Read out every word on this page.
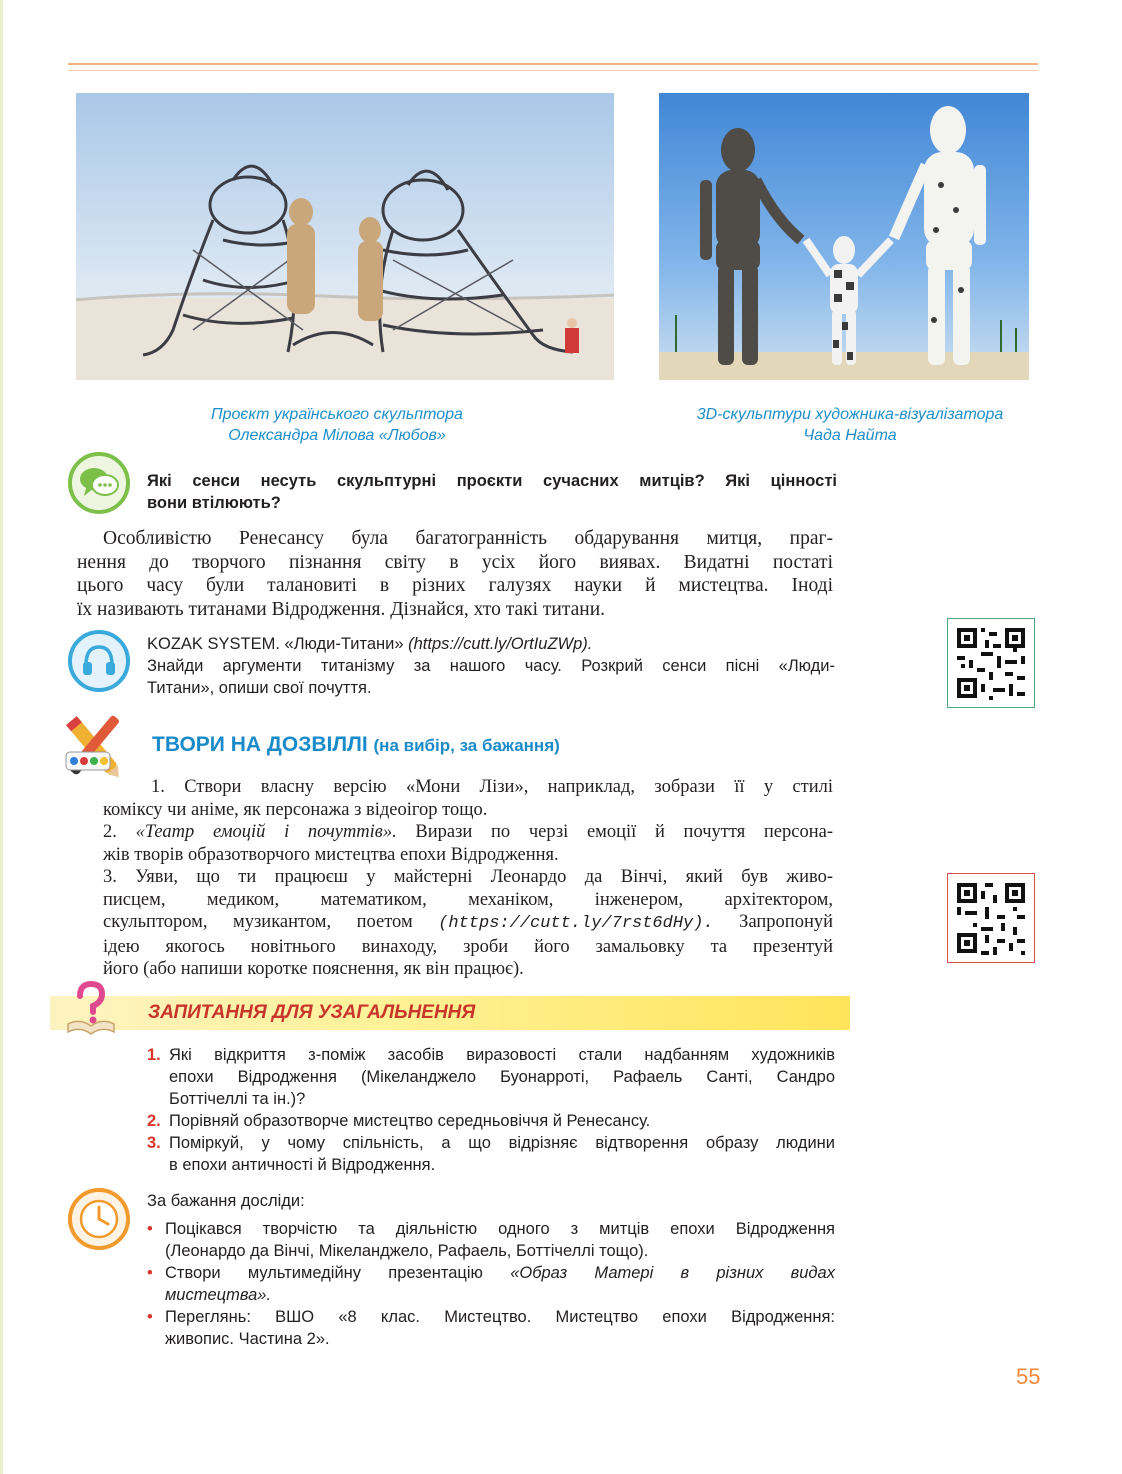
Проєкт українського скульптора
Олександра Мілова «Любов»
3D-скульптури художника-візуалізатора
Чада Найта
Які сенси несуть скульптурні проєкти сучасних митців? Які цінності
вони втілюють?
Особливістю Ренесансу була багатогранність обдарування митця, праг-
нення до творчого пізнання світу в усіх його виявах. Видатні постаті
цього часу були талановиті в різних галузях науки й мистецтва. Іноді
їх називають титанами Відродження. Дізнайся, хто такі титани.
KOZAK SYSTEM. «Люди-Титани» (https://cutt.ly/OrtIuZWp).
Знайди аргументи титанізму за нашого часу. Розкрий сенси пісні «Люди-
Титани», опиши свої почуття.
ТВОРИ НА ДОЗВІЛЛІ (на вибір, за бажання)
1. Створи власну версію «Мони Лізи», наприклад, зобрази її у стилі
коміксу чи аніме, як персонажа з відеоігор тощо.
2. «Театр емоцій і почуттів». Вирази по черзі емоції й почуття персона-
жів творів образотворчого мистецтва епохи Відродження.
3. Уяви, що ти працюєш у майстерні Леонардо да Вінчі, який був живо-
писцем, медиком, математиком, механіком, інженером, архітектором,
скульптором, музикантом, поетом (https://cutt.ly/7rst6dHy). Запропонуй
ідею якогось новітнього винаходу, зроби його замальовку та презентуй
його (або напиши коротке пояснення, як він працює).
ЗАПИТАННЯ ДЛЯ УЗАГАЛЬНЕННЯ
1. Які відкриття з-поміж засобів виразовості стали надбанням художників
епохи Відродження (Мікеланджело Буонарроті, Рафаель Санті, Сандро
Боттічеллі та ін.)?
2. Порівняй образотворче мистецтво середньовіччя й Ренесансу.
3. Поміркуй, у чому спільність, а що відрізняє відтворення образу людини
в епохи античності й Відродження.
За бажання досліди:
• Поцікався творчістю та діяльністю одного з митців епохи Відродження
(Леонардо да Вінчі, Мікеланджело, Рафаель, Боттічеллі тощо).
• Створи мультимедійну презентацію «Образ Матері в різних видах
мистецтва».
• Переглянь: ВШО «8 клас. Мистецтво. Мистецтво епохи Відродження:
живопис. Частина 2».
55
